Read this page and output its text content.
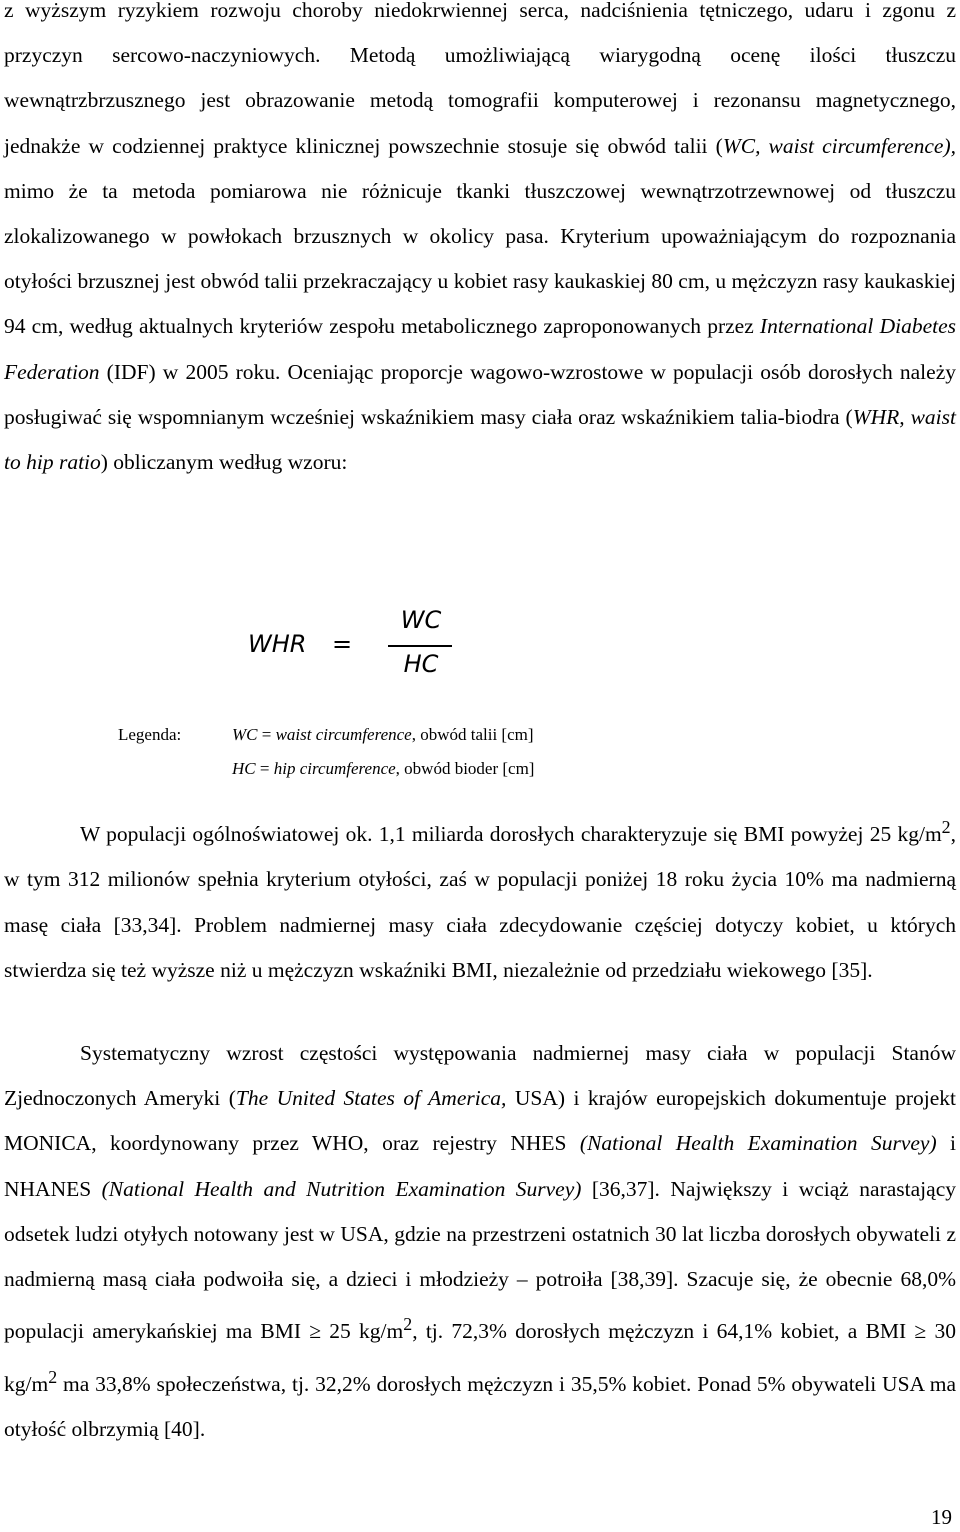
z wyższym ryzykiem rozwoju choroby niedokrwiennej serca, nadciśnienia tętniczego, udaru i zgonu z przyczyn sercowo-naczyniowych. Metodą umożliwiającą wiarygodną ocenę ilości tłuszczu wewnątrzbrzusznego jest obrazowanie metodą tomografii komputerowej i rezonansu magnetycznego, jednakże w codziennej praktyce klinicznej powszechnie stosuje się obwód talii (WC, waist circumference), mimo że ta metoda pomiarowa nie różnicuje tkanki tłuszczowej wewnątrzotrzewnowej od tłuszczu zlokalizowanego w powłokach brzusznych w okolicy pasa. Kryterium upoważniającym do rozpoznania otyłości brzusznej jest obwód talii przekraczający u kobiet rasy kaukaskiej 80 cm, u mężczyzn rasy kaukaskiej 94 cm, według aktualnych kryteriów zespołu metabolicznego zaproponowanych przez International Diabetes Federation (IDF) w 2005 roku. Oceniając proporcje wagowo-wzrostowe w populacji osób dorosłych należy posługiwać się wspomnianym wcześniej wskaźnikiem masy ciała oraz wskaźnikiem talia-biodra (WHR, waist to hip ratio) obliczanym według wzoru:

WHR =
WC
HC
Legenda:	WC = waist circumference, obwód talii [cm]
HC = hip circumference, obwód bioder [cm]

W populacji ogólnoświatowej ok. 1,1 miliarda dorosłych charakteryzuje się BMI powyżej 25 $kg/m^2$, w tym 312 milionów spełnia kryterium otyłości, zaś w populacji poniżej 18 roku życia 10% ma nadmierną masę ciała [33,34]. Problem nadmiernej masy ciała zdecydowanie częściej dotyczy kobiet, u których stwierdza się też wyższe niż u mężczyzn wskaźniki BMI, niezależnie od przedziału wiekowego [35].

Systematyczny wzrost częstości występowania nadmiernej masy ciała w populacji Stanów Zjednoczonych Ameryki (The United States of America, USA) i krajów europejskich dokumentuje projekt MONICA, koordynowany przez WHO, oraz rejestry NHES (National Health Examination Survey) i NHANES (National Health and Nutrition Examination Survey) [36,37]. Największy i wciąż narastający odsetek ludzi otyłych notowany jest w USA, gdzie na przestrzeni ostatnich 30 lat liczba dorosłych obywateli z nadmierną masą ciała podwoiła się, a dzieci i młodzieży – potroiła [38,39]. Szacuje się, że obecnie 68,0% populacji amerykańskiej ma BMI ≥ 25 $kg/m^2$, tj. 72,3% dorosłych mężczyzn i 64,1% kobiet, a BMI ≥ 30 $kg/m^2$ ma 33,8% społeczeństwa, tj. 32,2% dorosłych mężczyzn i 35,5% kobiet. Ponad 5% obywateli USA ma otyłość olbrzymią [40].

19
